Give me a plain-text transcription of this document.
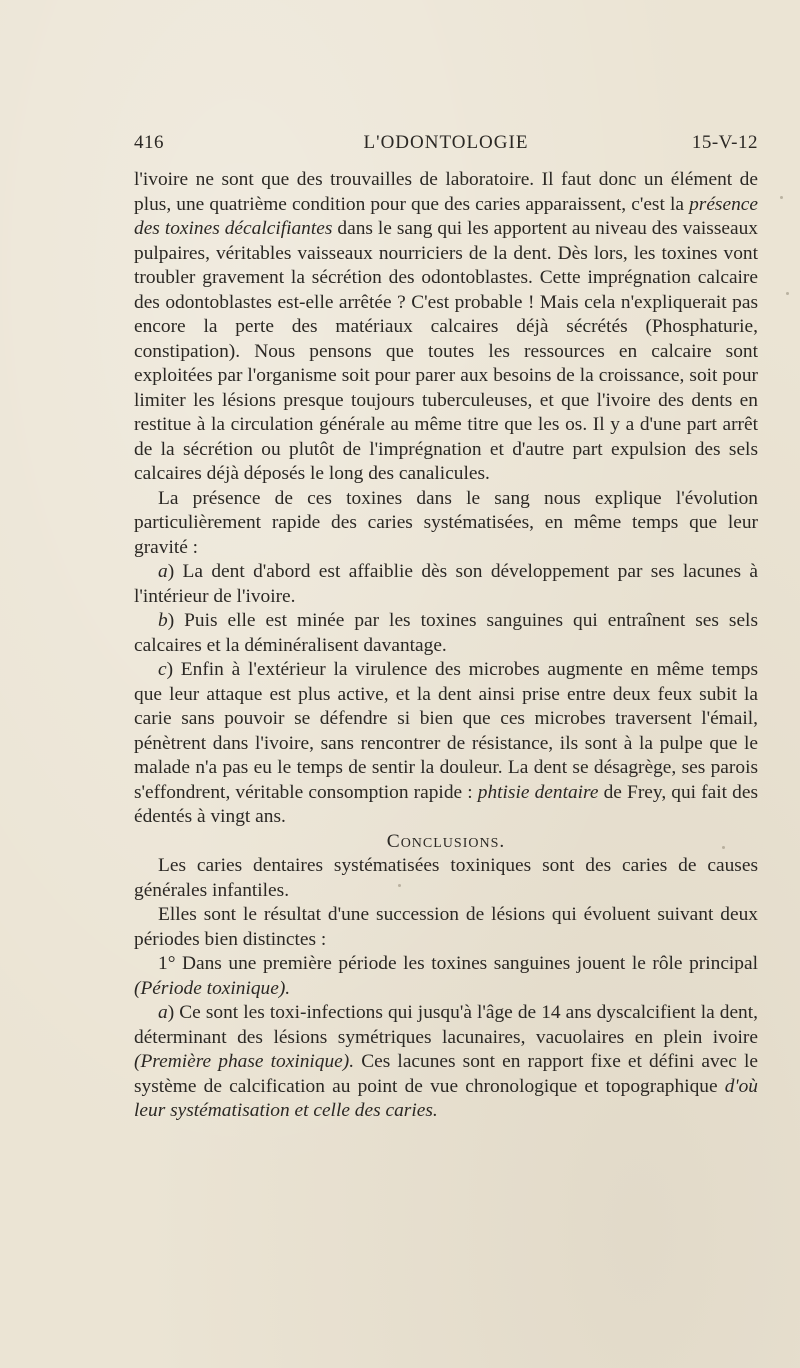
416	L'ODONTOLOGIE	15-V-12

l'ivoire ne sont que des trouvailles de laboratoire. Il faut donc un élément de plus, une quatrième condition pour que des caries apparaissent, c'est la présence des toxines décalcifiantes dans le sang qui les apportent au niveau des vaisseaux pulpaires, véritables vaisseaux nourriciers de la dent. Dès lors, les toxines vont troubler gravement la sécrétion des odontoblastes. Cette imprégnation calcaire des odontoblastes est-elle arrêtée ? C'est probable ! Mais cela n'expliquerait pas encore la perte des matériaux calcaires déjà sécrétés (Phosphaturie, constipation). Nous pensons que toutes les ressources en calcaire sont exploitées par l'organisme soit pour parer aux besoins de la croissance, soit pour limiter les lésions presque toujours tuberculeuses, et que l'ivoire des dents en restitue à la circulation générale au même titre que les os. Il y a d'une part arrêt de la sécrétion ou plutôt de l'imprégnation et d'autre part expulsion des sels calcaires déjà déposés le long des canalicules.

La présence de ces toxines dans le sang nous explique l'évolution particulièrement rapide des caries systématisées, en même temps que leur gravité :

a) La dent d'abord est affaiblie dès son développement par ses lacunes à l'intérieur de l'ivoire.

b) Puis elle est minée par les toxines sanguines qui entraînent ses sels calcaires et la déminéralisent davantage.

c) Enfin à l'extérieur la virulence des microbes augmente en même temps que leur attaque est plus active, et la dent ainsi prise entre deux feux subit la carie sans pouvoir se défendre si bien que ces microbes traversent l'émail, pénètrent dans l'ivoire, sans rencontrer de résistance, ils sont à la pulpe que le malade n'a pas eu le temps de sentir la douleur. La dent se désagrège, ses parois s'effondrent, véritable consomption rapide : phtisie dentaire de Frey, qui fait des édentés à vingt ans.

Conclusions.

Les caries dentaires systématisées toxiniques sont des caries de causes générales infantiles.

Elles sont le résultat d'une succession de lésions qui évoluent suivant deux périodes bien distinctes :

1° Dans une première période les toxines sanguines jouent le rôle principal (Période toxinique).

a) Ce sont les toxi-infections qui jusqu'à l'âge de 14 ans dyscalcifient la dent, déterminant des lésions symétriques lacunaires, vacuolaires en plein ivoire (Première phase toxinique). Ces lacunes sont en rapport fixe et défini avec le système de calcification au point de vue chronologique et topographique d'où leur systématisation et celle des caries.
